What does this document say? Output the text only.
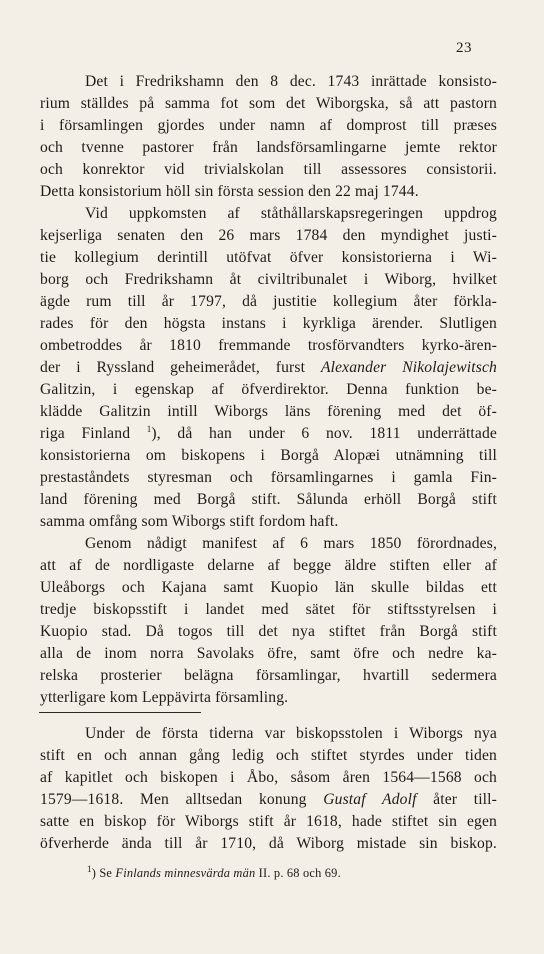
23
Det i Fredrikshamn den 8 dec. 1743 inrättade konsisto-
rium ställdes på samma fot som det Wiborgska, så att pastorn
i församlingen gjordes under namn af domprost till præses
och tvenne pastorer från landsförsamlingarne jemte rektor
och konrektor vid trivialskolan till assessores consistorii.
Detta konsistorium höll sin första session den 22 maj 1744.
Vid uppkomsten af ståthållarskapsregeringen uppdrog
kejserliga senaten den 26 mars 1784 den myndighet justi-
tie kollegium derintill utöfvat öfver konsistorierna i Wi-
borg och Fredrikshamn åt civiltribunalet i Wiborg, hvilket
ägde rum till år 1797, då justitie kollegium åter förkla-
rades för den högsta instans i kyrkliga ärender. Slutligen
ombetroddes år 1810 fremmande trosförvandters kyrko-ären-
der i Ryssland geheimerådet, furst Alexander Nikolajewitsch
Galitzin, i egenskap af öfverdirektor. Denna funktion be-
klädde Galitzin intill Wiborgs läns förening med det öf-
riga Finland $^1$), då han under 6 nov. 1811 underrättade
konsistorierna om biskopens i Borgå Alopæi utnämning till
prestaståndets styresman och församlingarnes i gamla Fin-
land förening med Borgå stift. Sålunda erhöll Borgå stift
samma omfång som Wiborgs stift fordom haft.
Genom nådigt manifest af 6 mars 1850 förordnades,
att af de nordligaste delarne af begge äldre stiften eller af
Uleåborgs och Kajana samt Kuopio län skulle bildas ett
tredje biskopsstift i landet med sätet för stiftsstyrelsen i
Kuopio stad. Då togos till det nya stiftet från Borgå stift
alla de inom norra Savolaks öfre, samt öfre och nedre ka-
relska prosterier belägna församlingar, hvartill sedermera
ytterligare kom Leppävirta församling.
Under de första tiderna var biskopsstolen i Wiborgs nya
stift en och annan gång ledig och stiftet styrdes under tiden
af kapitlet och biskopen i Åbo, såsom åren 1564—1568 och
1579—1618. Men alltsedan konung Gustaf Adolf åter till-
satte en biskop för Wiborgs stift år 1618, hade stiftet sin egen
öfverherde ända till år 1710, då Wiborg mistade sin biskop.
$^1$) Se Finlands minnesvärda män II. p. 68 och 69.
